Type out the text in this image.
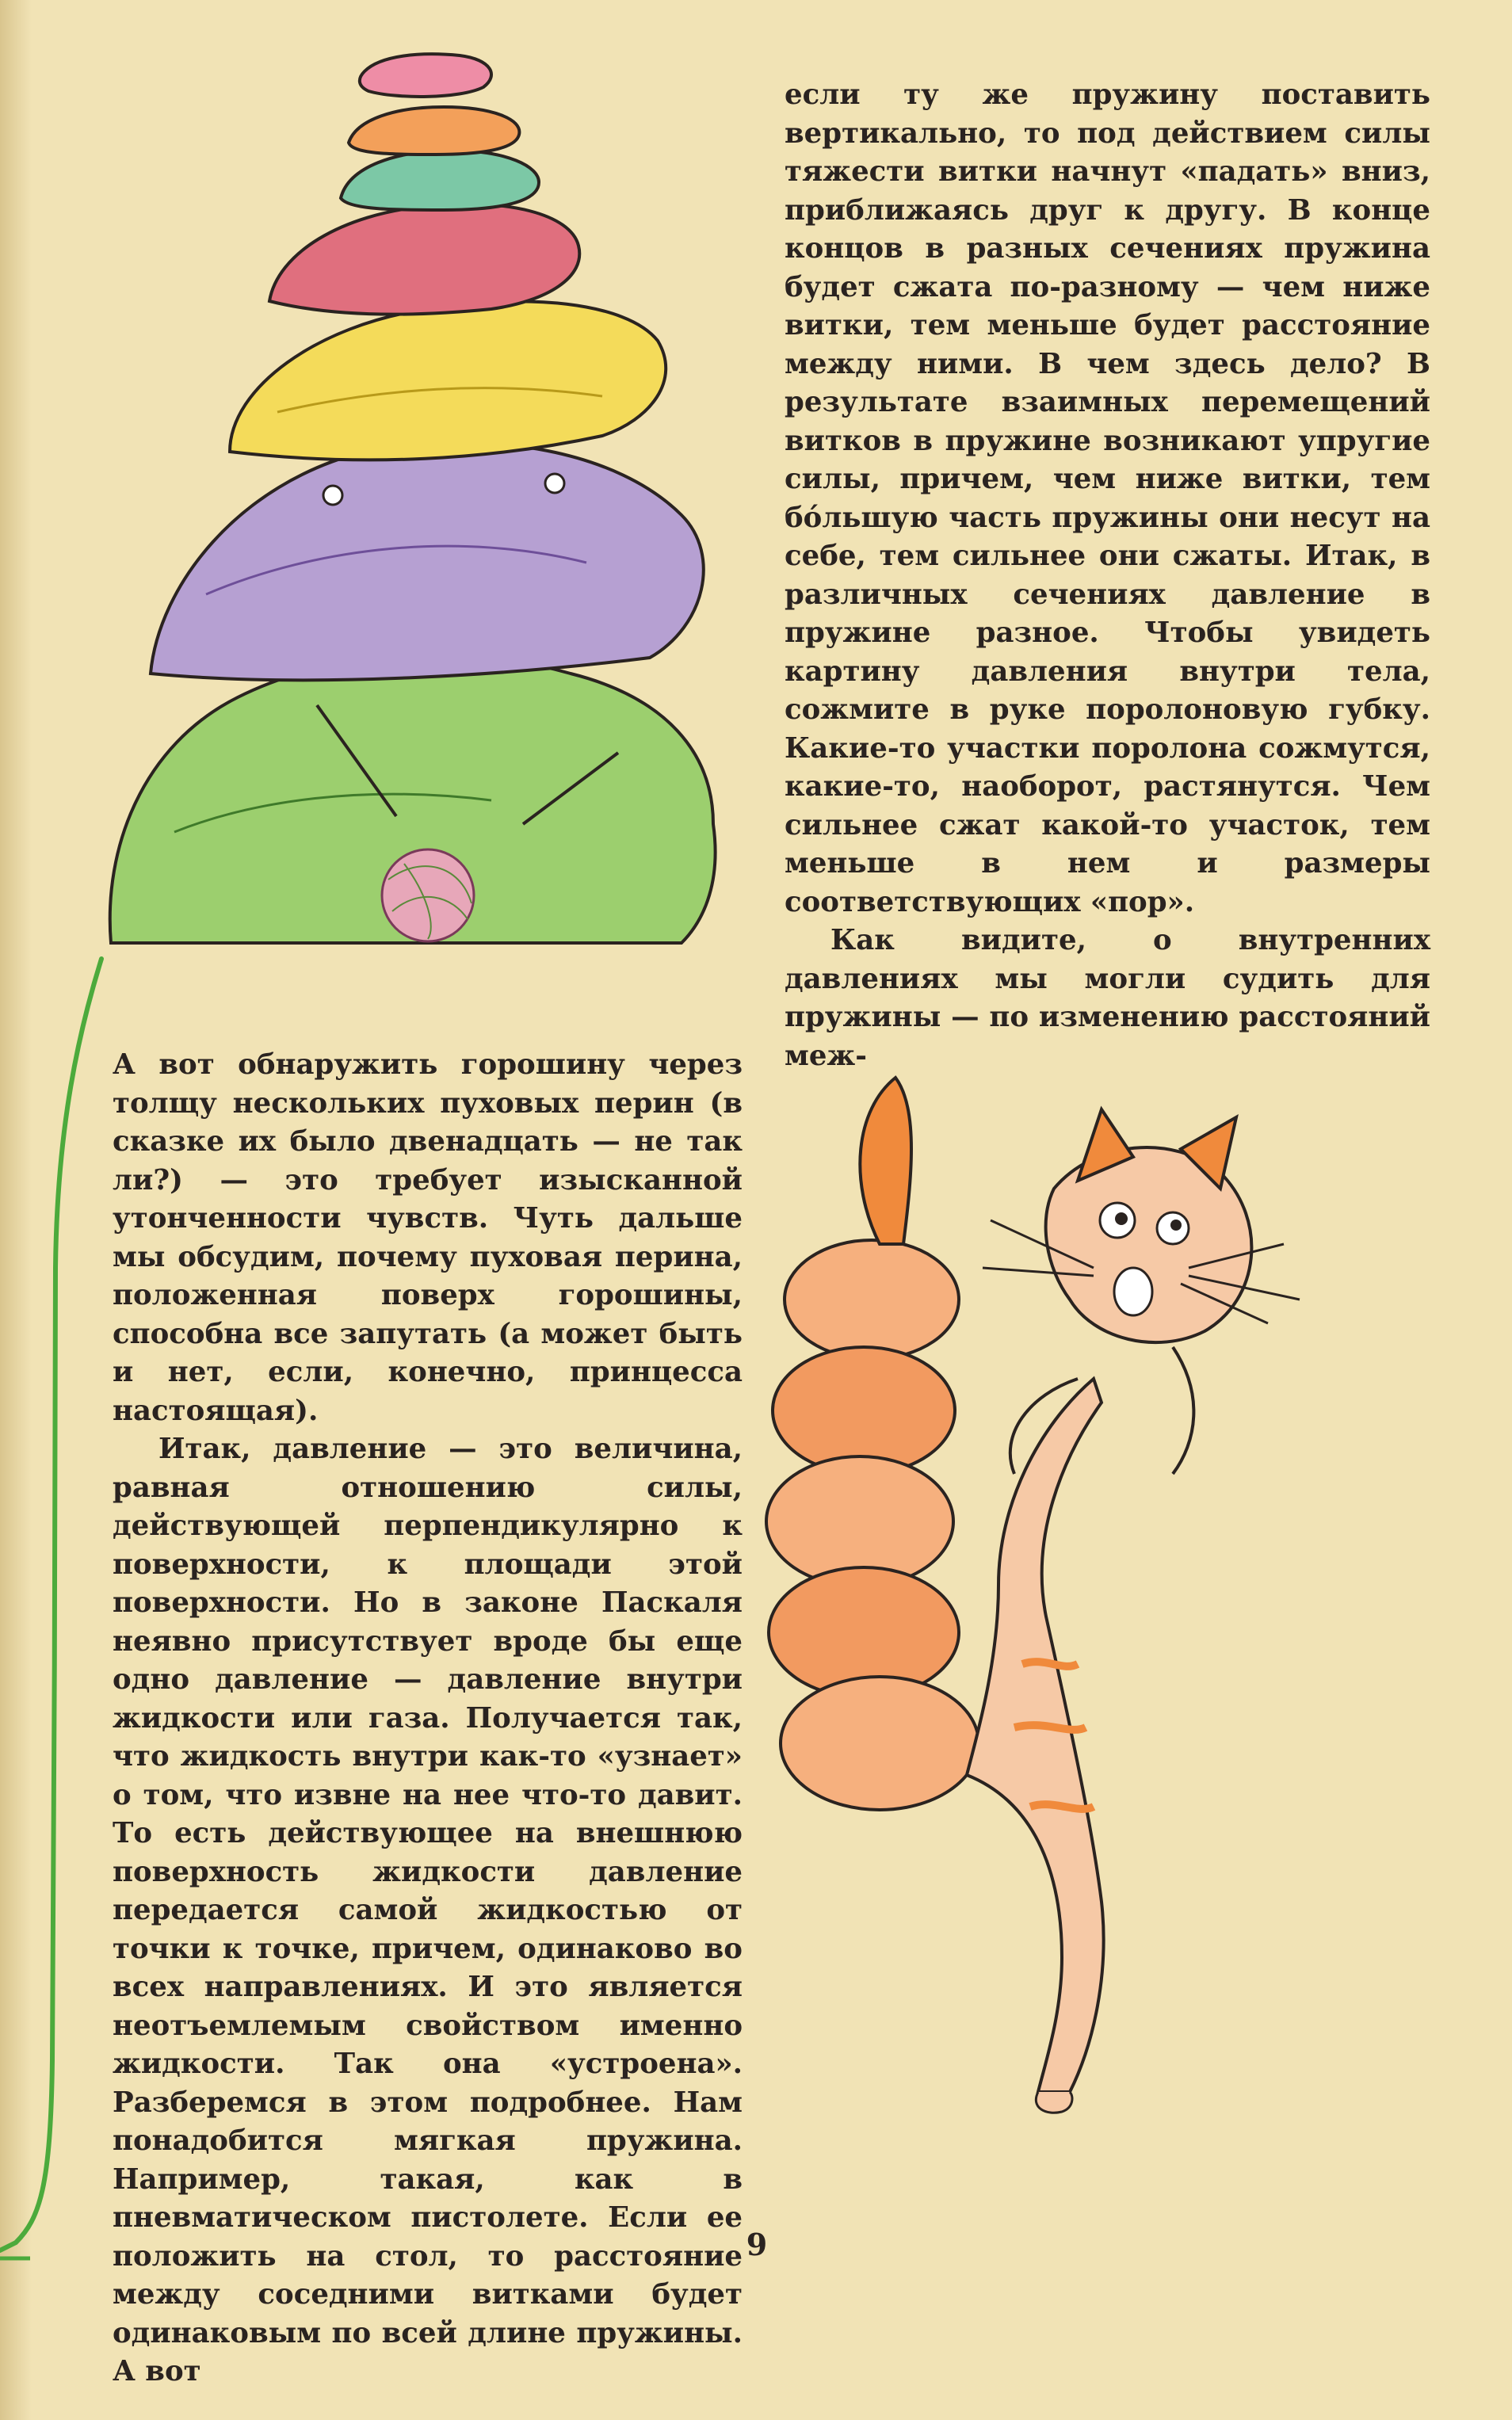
если ту же пружину поставить вертикально, то под действием силы тяжести витки начнут «падать» вниз, приближаясь друг к другу. В конце концов в разных сечениях пружина будет сжата по-разному — чем ниже витки, тем меньше будет расстояние между ними. В чем здесь дело? В результате взаимных перемещений витков в пружине возникают упругие силы, причем, чем ниже витки, тем бо́льшую часть пружины они несут на себе, тем сильнее они сжаты. Итак, в различных сечениях давление в пружине разное. Чтобы увидеть картину давления внутри тела, сожмите в руке поролоновую губку. Какие-то участки поролона сожмутся, какие-то, наоборот, растянутся. Чем сильнее сжат какой-то участок, тем меньше в нем и размеры соответствующих «пор».

Как видите, о внутренних давлениях мы могли судить для пружины — по изменению расстояний меж-

А вот обнаружить горошину через толщу нескольких пуховых перин (в сказке их было двенадцать — не так ли?) — это требует изысканной утонченности чувств. Чуть дальше мы обсудим, почему пуховая перина, положенная поверх горошины, способна все запутать (а может быть и нет, если, конечно, принцесса настоящая).

Итак, давление — это величина, равная отношению силы, действующей перпендикулярно к поверхности, к площади этой поверхности. Но в законе Паскаля неявно присутствует вроде бы еще одно давление — давление внутри жидкости или газа. Получается так, что жидкость внутри как-то «узнает» о том, что извне на нее что-то давит. То есть действующее на внешнюю поверхность жидкости давление передается самой жидкостью от точки к точке, причем, одинаково во всех направлениях. И это является неотъемлемым свойством именно жидкости. Так она «устроена». Разберемся в этом подробнее. Нам понадобится мягкая пружина. Например, такая, как в пневматическом пистолете. Если ее положить на стол, то расстояние между соседними витками будет одинаковым по всей длине пружины. А вот

9
